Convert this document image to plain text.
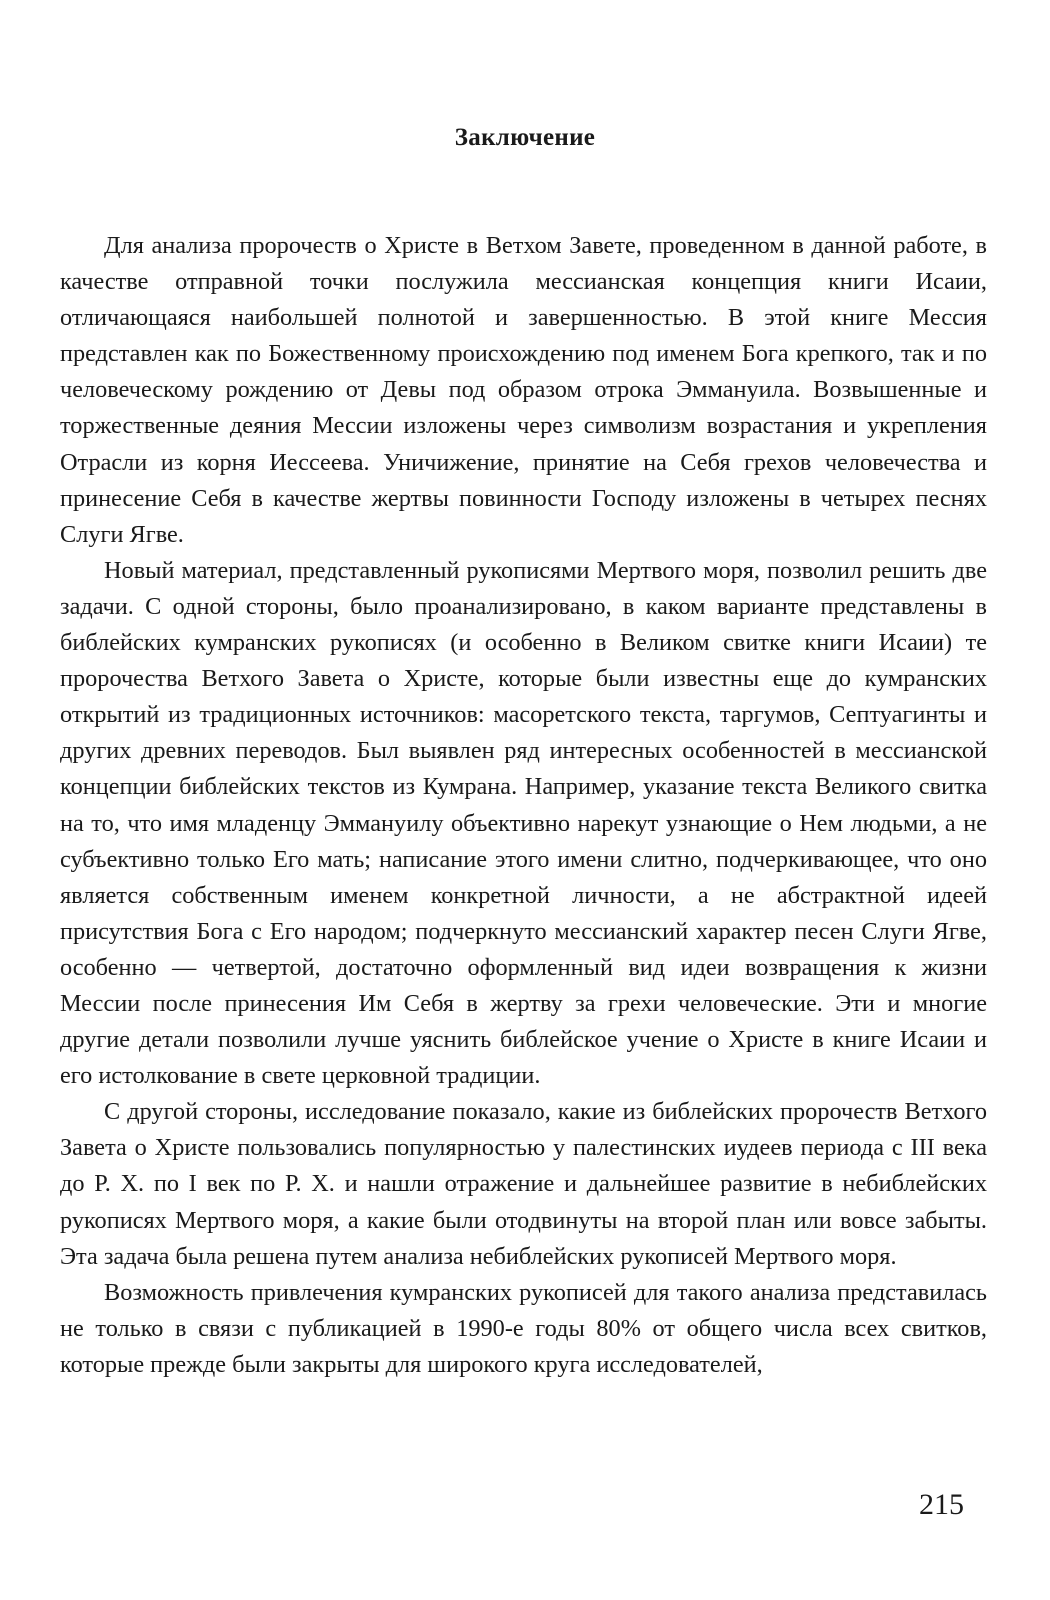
Заключение

Для анализа пророчеств о Христе в Ветхом Завете, проведенном в данной работе, в качестве отправной точки послужила мессианская концепция книги Исаии, отличающаяся наибольшей полнотой и завершенностью. В этой книге Мессия представлен как по Божественному происхождению под именем Бога крепкого, так и по человеческому рождению от Девы под образом отрока Эммануила. Возвышенные и торжественные деяния Мессии изложены через символизм возрастания и укрепления Отрасли из корня Иессеева. Уничижение, принятие на Себя грехов человечества и принесение Себя в качестве жертвы повинности Господу изложены в четырех песнях Слуги Ягве.

Новый материал, представленный рукописями Мертвого моря, позволил решить две задачи. С одной стороны, было проанализировано, в каком варианте представлены в библейских кумранских рукописях (и особенно в Великом свитке книги Исаии) те пророчества Ветхого Завета о Христе, которые были известны еще до кумранских открытий из традиционных источников: масоретского текста, таргумов, Септуагинты и других древних переводов. Был выявлен ряд интересных особенностей в мессианской концепции библейских текстов из Кумрана. Например, указание текста Великого свитка на то, что имя младенцу Эммануилу объективно нарекут узнающие о Нем людьми, а не субъективно только Его мать; написание этого имени слитно, подчеркивающее, что оно является собственным именем конкретной личности, а не абстрактной идеей присутствия Бога с Его народом; подчеркнуто мессианский характер песен Слуги Ягве, особенно — четвертой, достаточно оформленный вид идеи возвращения к жизни Мессии после принесения Им Себя в жертву за грехи человеческие. Эти и многие другие детали позволили лучше уяснить библейское учение о Христе в книге Исаии и его истолкование в свете церковной традиции.

С другой стороны, исследование показало, какие из библейских пророчеств Ветхого Завета о Христе пользовались популярностью у палестинских иудеев периода с III века до Р. Х. по I век по Р. Х. и нашли отражение и дальнейшее развитие в небиблейских рукописях Мертвого моря, а какие были отодвинуты на второй план или вовсе забыты. Эта задача была решена путем анализа небиблейских рукописей Мертвого моря.

Возможность привлечения кумранских рукописей для такого анализа представилась не только в связи с публикацией в 1990-е годы 80% от общего числа всех свитков, которые прежде были закрыты для широкого круга исследователей,

215
